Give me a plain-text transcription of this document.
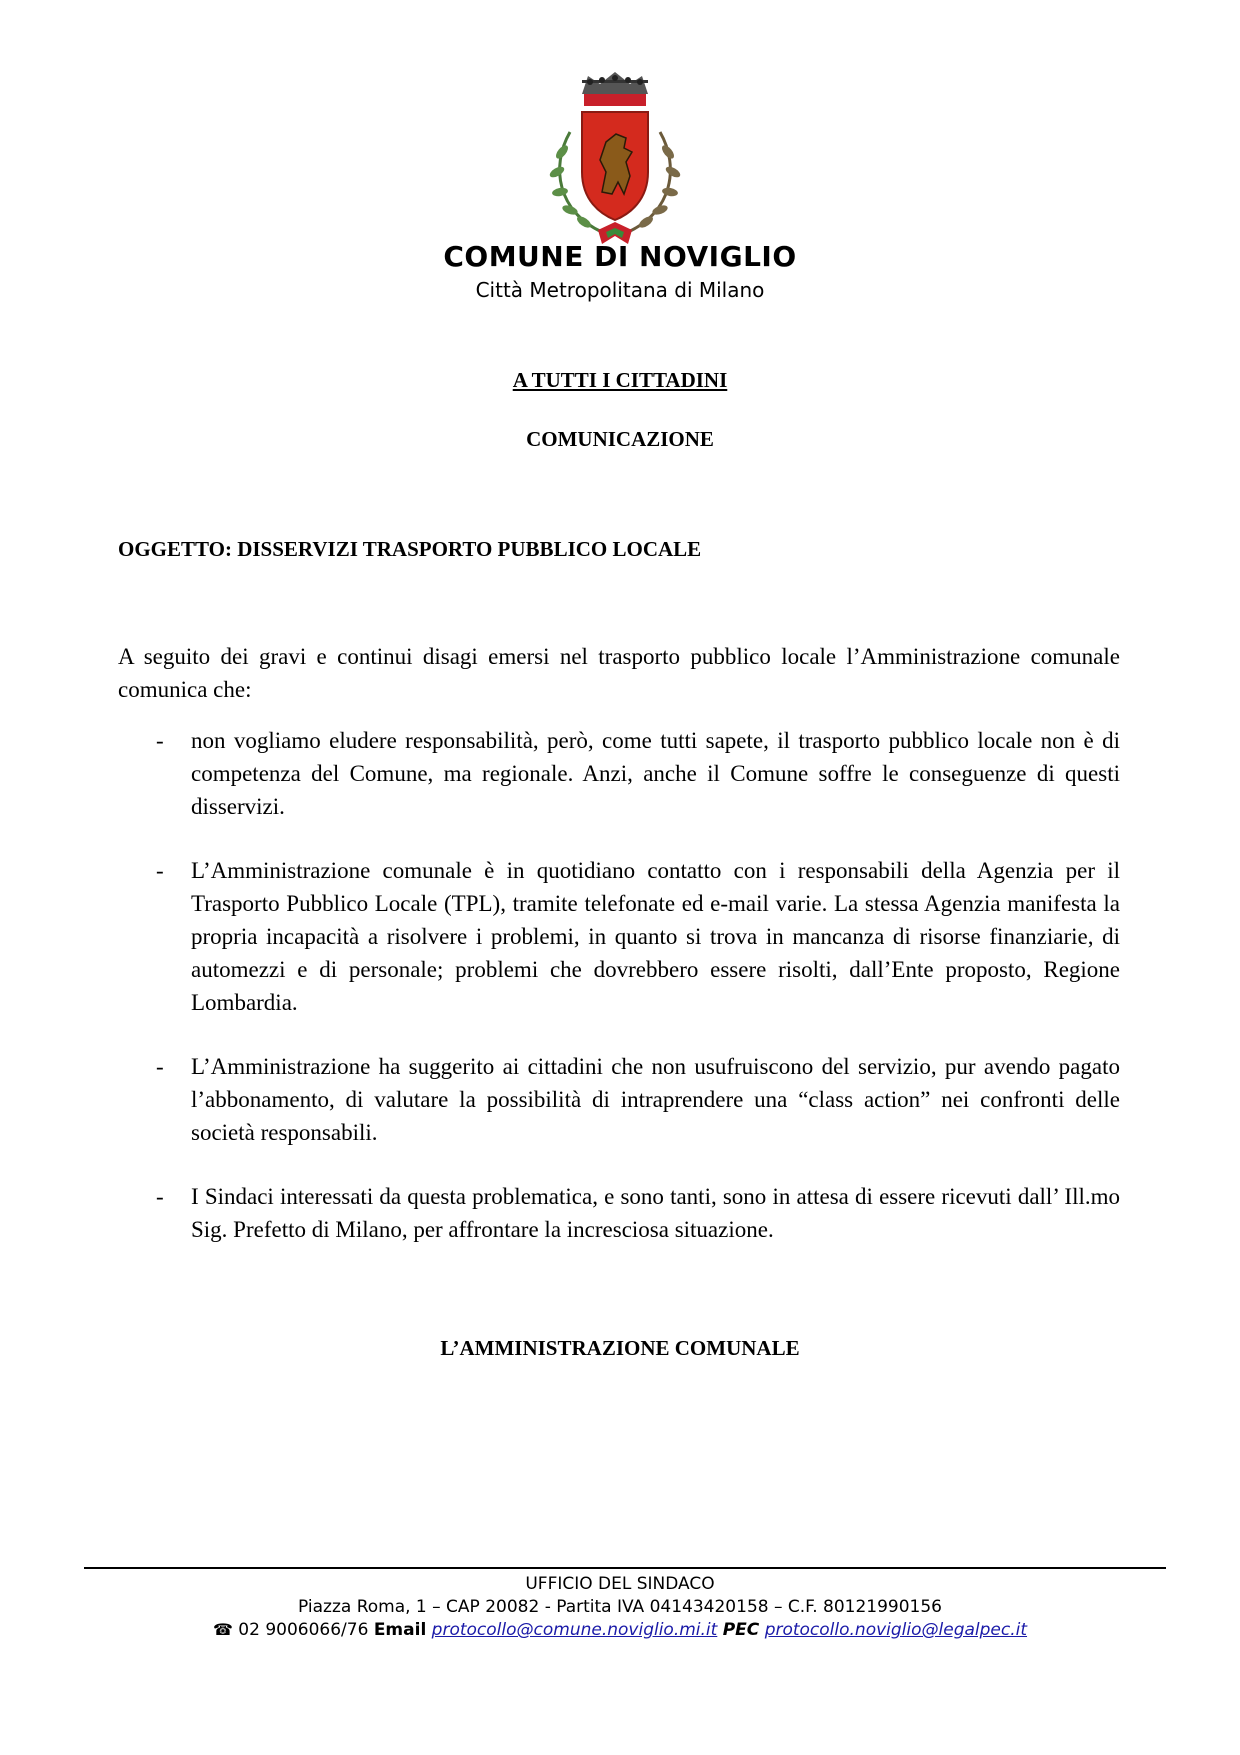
COMUNE DI NOVIGLIO
Città Metropolitana di Milano
A TUTTI I CITTADINI
COMUNICAZIONE
OGGETTO: DISSERVIZI TRASPORTO PUBBLICO LOCALE
A seguito dei gravi e continui disagi emersi nel trasporto pubblico locale l’Amministrazione comunale comunica che:
- non vogliamo eludere responsabilità, però, come tutti sapete, il trasporto pubblico locale non è di competenza del Comune, ma regionale. Anzi, anche il Comune soffre le conseguenze di questi disservizi.
- L’Amministrazione comunale è in quotidiano contatto con i responsabili della Agenzia per il Trasporto Pubblico Locale (TPL), tramite telefonate ed e-mail varie. La stessa Agenzia manifesta la propria incapacità a risolvere i problemi, in quanto si trova in mancanza di risorse finanziarie, di automezzi e di personale; problemi che dovrebbero essere risolti, dall’Ente proposto, Regione Lombardia.
- L’Amministrazione ha suggerito ai cittadini che non usufruiscono del servizio, pur avendo pagato l’abbonamento, di valutare la possibilità di intraprendere una “class action” nei confronti delle società responsabili.
- I Sindaci interessati da questa problematica, e sono tanti, sono in attesa di essere ricevuti dall’ Ill.mo Sig. Prefetto di Milano, per affrontare la incresciosa situazione.
L’AMMINISTRAZIONE COMUNALE
UFFICIO DEL SINDACO
Piazza Roma, 1 – CAP 20082 - Partita IVA 04143420158 – C.F. 80121990156
☎ 02 9006066/76 Email protocollo@comune.noviglio.mi.it PEC protocollo.noviglio@legalpec.it
